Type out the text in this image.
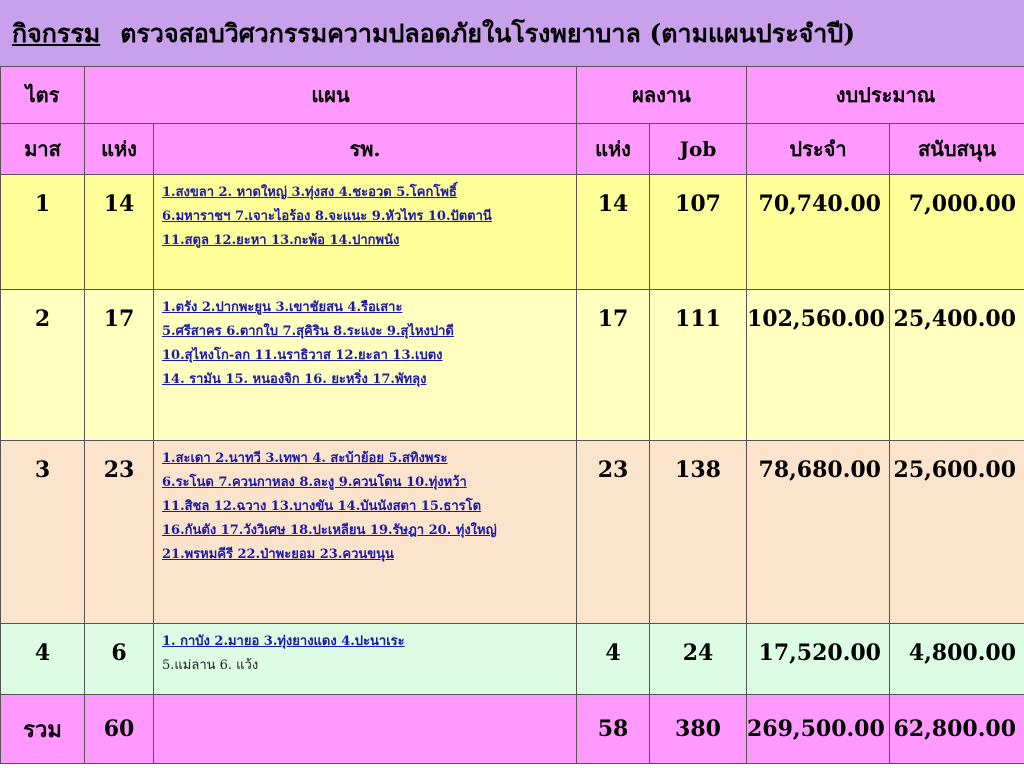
กิจกรรม ตรวจสอบวิศวกรรมความปลอดภัยในโรงพยาบาล (ตามแผนประจำปี)
ไตร	แผน		ผลงาน		งบประมาณ	
มาส	แห่ง	รพ.	แห่ง	Job	ประจำ	สนับสนุน

1	14	1.สงขลา 2. หาดใหญ่ 3.ทุ่งสง 4.ชะอวด 5.โคกโพธิ์
6.มหาราชฯ 7.เจาะไอร้อง 8.จะแนะ 9.หัวไทร 10.ปัตตานี
11.สตูล 12.ยะหา 13.กะพ้อ 14.ปากพนัง	14	107	70,740.00	7,000.00

2	17	1.ตรัง 2.ปากพะยูน 3.เขาชัยสน 4.รือเสาะ
5.ศรีสาคร 6.ตากใบ 7.สุคิริน 8.ระแงะ 9.สุไหงปาดี
10.สุไหงโก-ลก 11.นราธิวาส 12.ยะลา 13.เบตง
14. รามัน 15. หนองจิก 16. ยะหริ่ง 17.พัทลุง	17	111	102,560.00	25,400.00

3	23	1.สะเดา 2.นาทวี 3.เทพา 4. สะบ้าย้อย 5.สทิงพระ
6.ระโนด 7.ควนกาหลง 8.ละงู 9.ควนโดน 10.ทุ่งหว้า
11.สิชล 12.ฉวาง 13.บางขัน 14.บันนังสตา 15.ธารโต
16.กันตัง 17.วังวิเศษ 18.ปะเหลียน 19.รัษฎา 20. ทุ่งใหญ่
21.พรหมคีรี 22.ป่าพะยอม 23.ควนขนุน	23	138	78,680.00	25,600.00

4	6	1. กาบัง 2.มายอ 3.ทุ่งยางแดง 4.ปะนาเระ
5.แม่ลาน 6. แว้ง	4	24	17,520.00	4,800.00

รวม	60		58	380	269,500.00	62,800.00
